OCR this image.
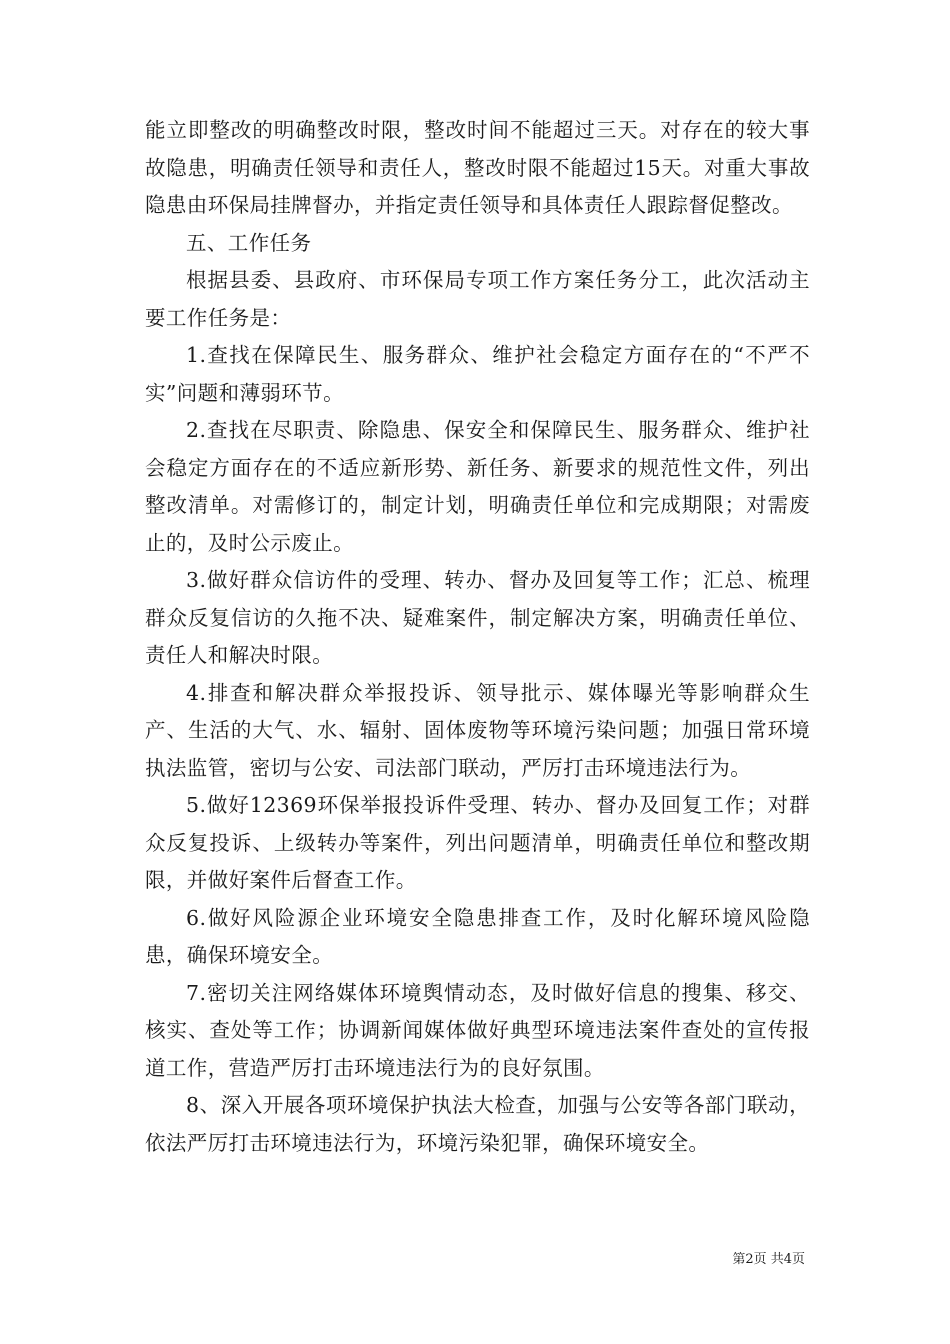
能立即整改的明确整改时限，整改时间不能超过三天。对存在的较大事故隐患，明确责任领导和责任人，整改时限不能超过15天。对重大事故隐患由环保局挂牌督办，并指定责任领导和具体责任人跟踪督促整改。

五、工作任务

根据县委、县政府、市环保局专项工作方案任务分工，此次活动主要工作任务是：

1.查找在保障民生、服务群众、维护社会稳定方面存在的“不严不实”问题和薄弱环节。

2.查找在尽职责、除隐患、保安全和保障民生、服务群众、维护社会稳定方面存在的不适应新形势、新任务、新要求的规范性文件，列出整改清单。对需修订的，制定计划，明确责任单位和完成期限；对需废止的，及时公示废止。

3.做好群众信访件的受理、转办、督办及回复等工作；汇总、梳理群众反复信访的久拖不决、疑难案件，制定解决方案，明确责任单位、责任人和解决时限。

4.排查和解决群众举报投诉、领导批示、媒体曝光等影响群众生产、生活的大气、水、辐射、固体废物等环境污染问题；加强日常环境执法监管，密切与公安、司法部门联动，严厉打击环境违法行为。

5.做好12369环保举报投诉件受理、转办、督办及回复工作；对群众反复投诉、上级转办等案件，列出问题清单，明确责任单位和整改期限，并做好案件后督查工作。

6.做好风险源企业环境安全隐患排查工作，及时化解环境风险隐患，确保环境安全。

7.密切关注网络媒体环境舆情动态，及时做好信息的搜集、移交、核实、查处等工作；协调新闻媒体做好典型环境违法案件查处的宣传报道工作，营造严厉打击环境违法行为的良好氛围。

8、深入开展各项环境保护执法大检查，加强与公安等各部门联动，依法严厉打击环境违法行为，环境污染犯罪，确保环境安全。

第2页 共4页
